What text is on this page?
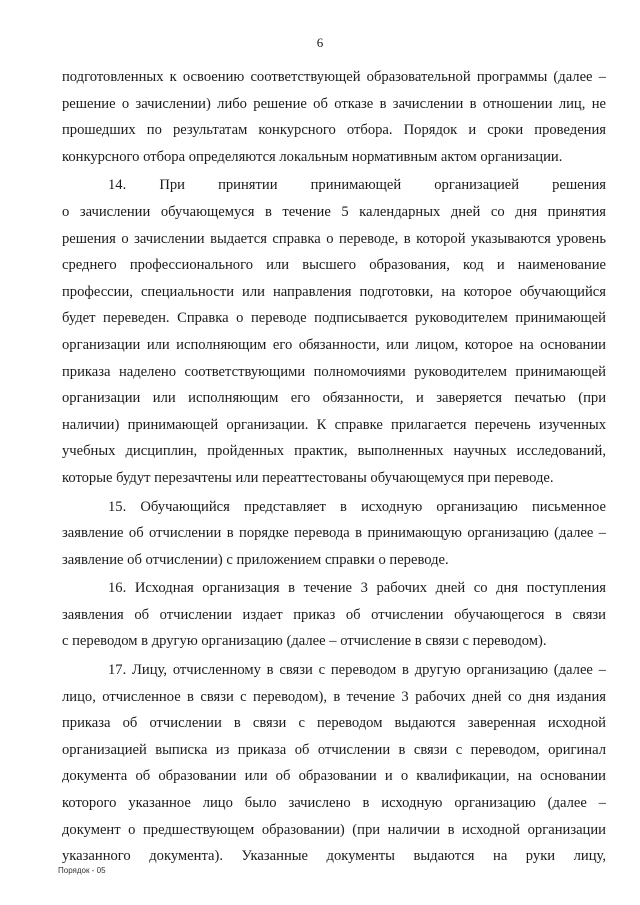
6
подготовленных к освоению соответствующей образовательной программы (далее –
решение о зачислении) либо решение об отказе в зачислении в отношении лиц, не
прошедших по результатам конкурсного отбора. Порядок и сроки проведения
конкурсного отбора определяются локальным нормативным актом организации.
14. При принятии принимающей организацией решения
о зачислении обучающемуся в течение 5 календарных дней со дня принятия
решения о зачислении выдается справка о переводе, в которой указываются уровень
среднего профессионального или высшего образования, код и наименование
профессии, специальности или направления подготовки, на которое обучающийся
будет переведен. Справка о переводе подписывается руководителем принимающей
организации или исполняющим его обязанности, или лицом, которое на основании
приказа наделено соответствующими полномочиями руководителем принимающей
организации или исполняющим его обязанности, и заверяется печатью (при
наличии) принимающей организации. К справке прилагается перечень изученных
учебных дисциплин, пройденных практик, выполненных научных исследований,
которые будут перезачтены или переаттестованы обучающемуся при переводе.
15. Обучающийся представляет в исходную организацию письменное
заявление об отчислении в порядке перевода в принимающую организацию (далее –
заявление об отчислении) с приложением справки о переводе.
16. Исходная организация в течение 3 рабочих дней со дня поступления
заявления об отчислении издает приказ об отчислении обучающегося в связи
с переводом в другую организацию (далее – отчисление в связи с переводом).
17. Лицу, отчисленному в связи с переводом в другую организацию (далее –
лицо, отчисленное в связи с переводом), в течение 3 рабочих дней со дня издания
приказа об отчислении в связи с переводом выдаются заверенная исходной
организацией выписка из приказа об отчислении в связи с переводом, оригинал
документа об образовании или об образовании и о квалификации, на основании
которого указанное лицо было зачислено в исходную организацию (далее –
документ о предшествующем образовании) (при наличии в исходной организации
указанного документа). Указанные документы выдаются на руки лицу,
Порядок - 05
